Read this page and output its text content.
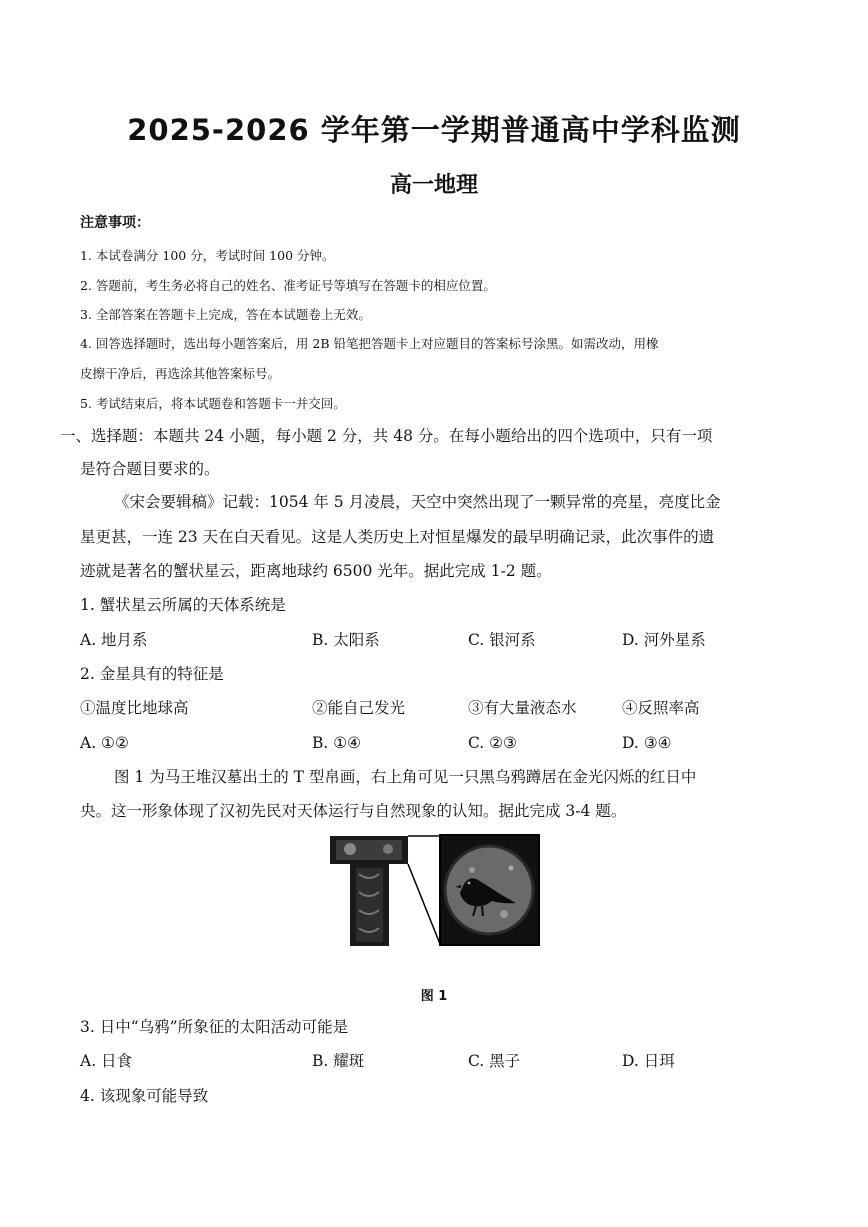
2025-2026 学年第一学期普通高中学科监测
高一地理
注意事项：
1. 本试卷满分 100 分，考试时间 100 分钟。
2. 答题前，考生务必将自己的姓名、准考证号等填写在答题卡的相应位置。
3. 全部答案在答题卡上完成，答在本试题卷上无效。
4. 回答选择题时，选出每小题答案后，用 2B 铅笔把答题卡上对应题目的答案标号涂黑。如需改动，用橡
皮擦干净后，再选涂其他答案标号。
5. 考试结束后，将本试题卷和答题卡一并交回。
一、选择题：本题共 24 小题，每小题 2 分，共 48 分。在每小题给出的四个选项中，只有一项
是符合题目要求的。
《宋会要辑稿》记载：1054 年 5 月凌晨，天空中突然出现了一颗异常的亮星，亮度比金
星更甚，一连 23 天在白天看见。这是人类历史上对恒星爆发的最早明确记录，此次事件的遗
迹就是著名的蟹状星云，距离地球约 6500 光年。据此完成 1-2 题。
1. 蟹状星云所属的天体系统是
A. 地月系	B. 太阳系	C. 银河系	D. 河外星系
2. 金星具有的特征是
①温度比地球高	②能自己发光	③有大量液态水	④反照率高
A. ①②	B. ①④	C. ②③	D. ③④
图 1 为马王堆汉墓出土的 T 型帛画，右上角可见一只黑乌鸦蹲居在金光闪烁的红日中
央。这一形象体现了汉初先民对天体运行与自然现象的认知。据此完成 3-4 题。
图 1
3. 日中“乌鸦”所象征的太阳活动可能是
A. 日食	B. 耀斑	C. 黑子	D. 日珥
4. 该现象可能导致
